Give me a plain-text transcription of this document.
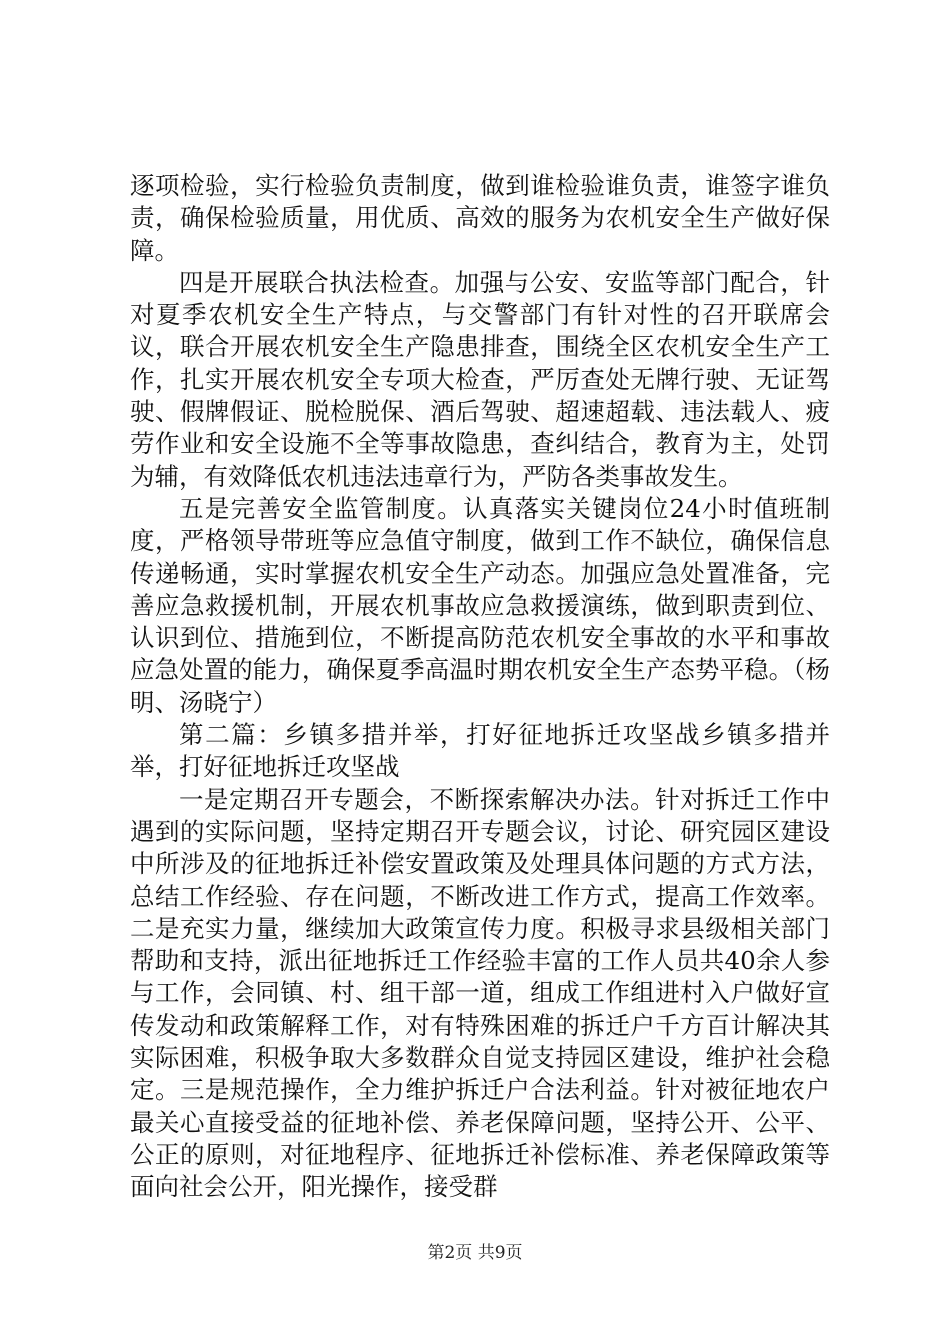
逐项检验，实行检验负责制度，做到谁检验谁负责，谁签字谁负责，确保检验质量，用优质、高效的服务为农机安全生产做好保障。

四是开展联合执法检查。加强与公安、安监等部门配合，针对夏季农机安全生产特点，与交警部门有针对性的召开联席会议，联合开展农机安全生产隐患排查，围绕全区农机安全生产工作，扎实开展农机安全专项大检查，严厉查处无牌行驶、无证驾驶、假牌假证、脱检脱保、酒后驾驶、超速超载、违法载人、疲劳作业和安全设施不全等事故隐患，查纠结合，教育为主，处罚为辅，有效降低农机违法违章行为，严防各类事故发生。

五是完善安全监管制度。认真落实关键岗位24小时值班制度，严格领导带班等应急值守制度，做到工作不缺位，确保信息传递畅通，实时掌握农机安全生产动态。加强应急处置准备，完善应急救援机制，开展农机事故应急救援演练，做到职责到位、认识到位、措施到位，不断提高防范农机安全事故的水平和事故应急处置的能力，确保夏季高温时期农机安全生产态势平稳。（杨明、汤晓宁）

第二篇：乡镇多措并举，打好征地拆迁攻坚战乡镇多措并举，打好征地拆迁攻坚战

一是定期召开专题会，不断探索解决办法。针对拆迁工作中遇到的实际问题，坚持定期召开专题会议，讨论、研究园区建设中所涉及的征地拆迁补偿安置政策及处理具体问题的方式方法，总结工作经验、存在问题，不断改进工作方式，提高工作效率。二是充实力量，继续加大政策宣传力度。积极寻求县级相关部门帮助和支持，派出征地拆迁工作经验丰富的工作人员共40余人参与工作，会同镇、村、组干部一道，组成工作组进村入户做好宣传发动和政策解释工作，对有特殊困难的拆迁户千方百计解决其实际困难，积极争取大多数群众自觉支持园区建设，维护社会稳定。三是规范操作，全力维护拆迁户合法利益。针对被征地农户最关心直接受益的征地补偿、养老保障问题，坚持公开、公平、公正的原则，对征地程序、征地拆迁补偿标准、养老保障政策等面向社会公开，阳光操作，接受群

第2页 共9页
